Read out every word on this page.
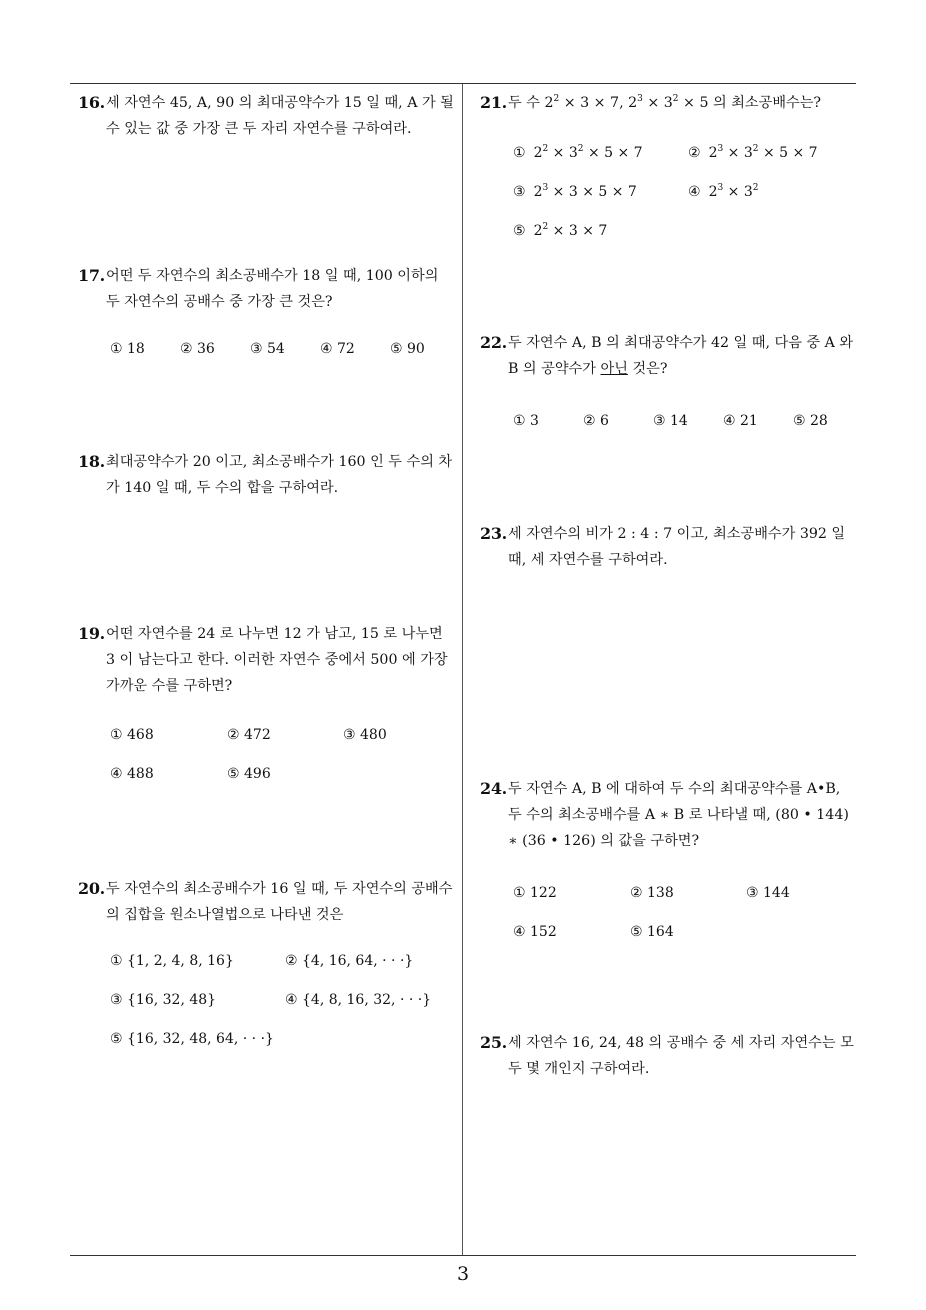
16. 세 자연수 45, A, 90 의 최대공약수가 15 일 때, A 가 될 수 있는 값 중 가장 큰 두 자리 자연수를 구하여라.
17. 어떤 두 자연수의 최소공배수가 18 일 때, 100 이하의 두 자연수의 공배수 중 가장 큰 것은?
① 18	② 36	③ 54	④ 72	⑤ 90
18. 최대공약수가 20 이고, 최소공배수가 160 인 두 수의 차가 140 일 때, 두 수의 합을 구하여라.
19. 어떤 자연수를 24 로 나누면 12 가 남고, 15 로 나누면 3 이 남는다고 한다. 이러한 자연수 중에서 500 에 가장 가까운 수를 구하면?
① 468	② 472	③ 480
④ 488	⑤ 496
20. 두 자연수의 최소공배수가 16 일 때, 두 자연수의 공배수의 집합을 원소나열법으로 나타낸 것은
① {1, 2, 4, 8, 16}	② {4, 16, 64, · · ·}
③ {16, 32, 48}	④ {4, 8, 16, 32, · · ·}
⑤ {16, 32, 48, 64, · · ·}
21. 두 수 $2^2 \times 3 \times 7$, $2^3 \times 3^2 \times 5$ 의 최소공배수는?
① $2^2 \times 3^2 \times 5 \times 7$	② $2^3 \times 3^2 \times 5 \times 7$
③ $2^3 \times 3 \times 5 \times 7$	④ $2^3 \times 3^2$
⑤ $2^2 \times 3 \times 7$
22. 두 자연수 A, B 의 최대공약수가 42 일 때, 다음 중 A 와 B 의 공약수가 아닌 것은?
① 3	② 6	③ 14	④ 21	⑤ 28
23. 세 자연수의 비가 2 : 4 : 7 이고, 최소공배수가 392 일 때, 세 자연수를 구하여라.
24. 두 자연수 A, B 에 대하여 두 수의 최대공약수를 A•B, 두 수의 최소공배수를 A ∗ B 로 나타낼 때, (80 • 144) ∗ (36 • 126) 의 값을 구하면?
① 122	② 138	③ 144
④ 152	⑤ 164
25. 세 자연수 16, 24, 48 의 공배수 중 세 자리 자연수는 모두 몇 개인지 구하여라.
3
